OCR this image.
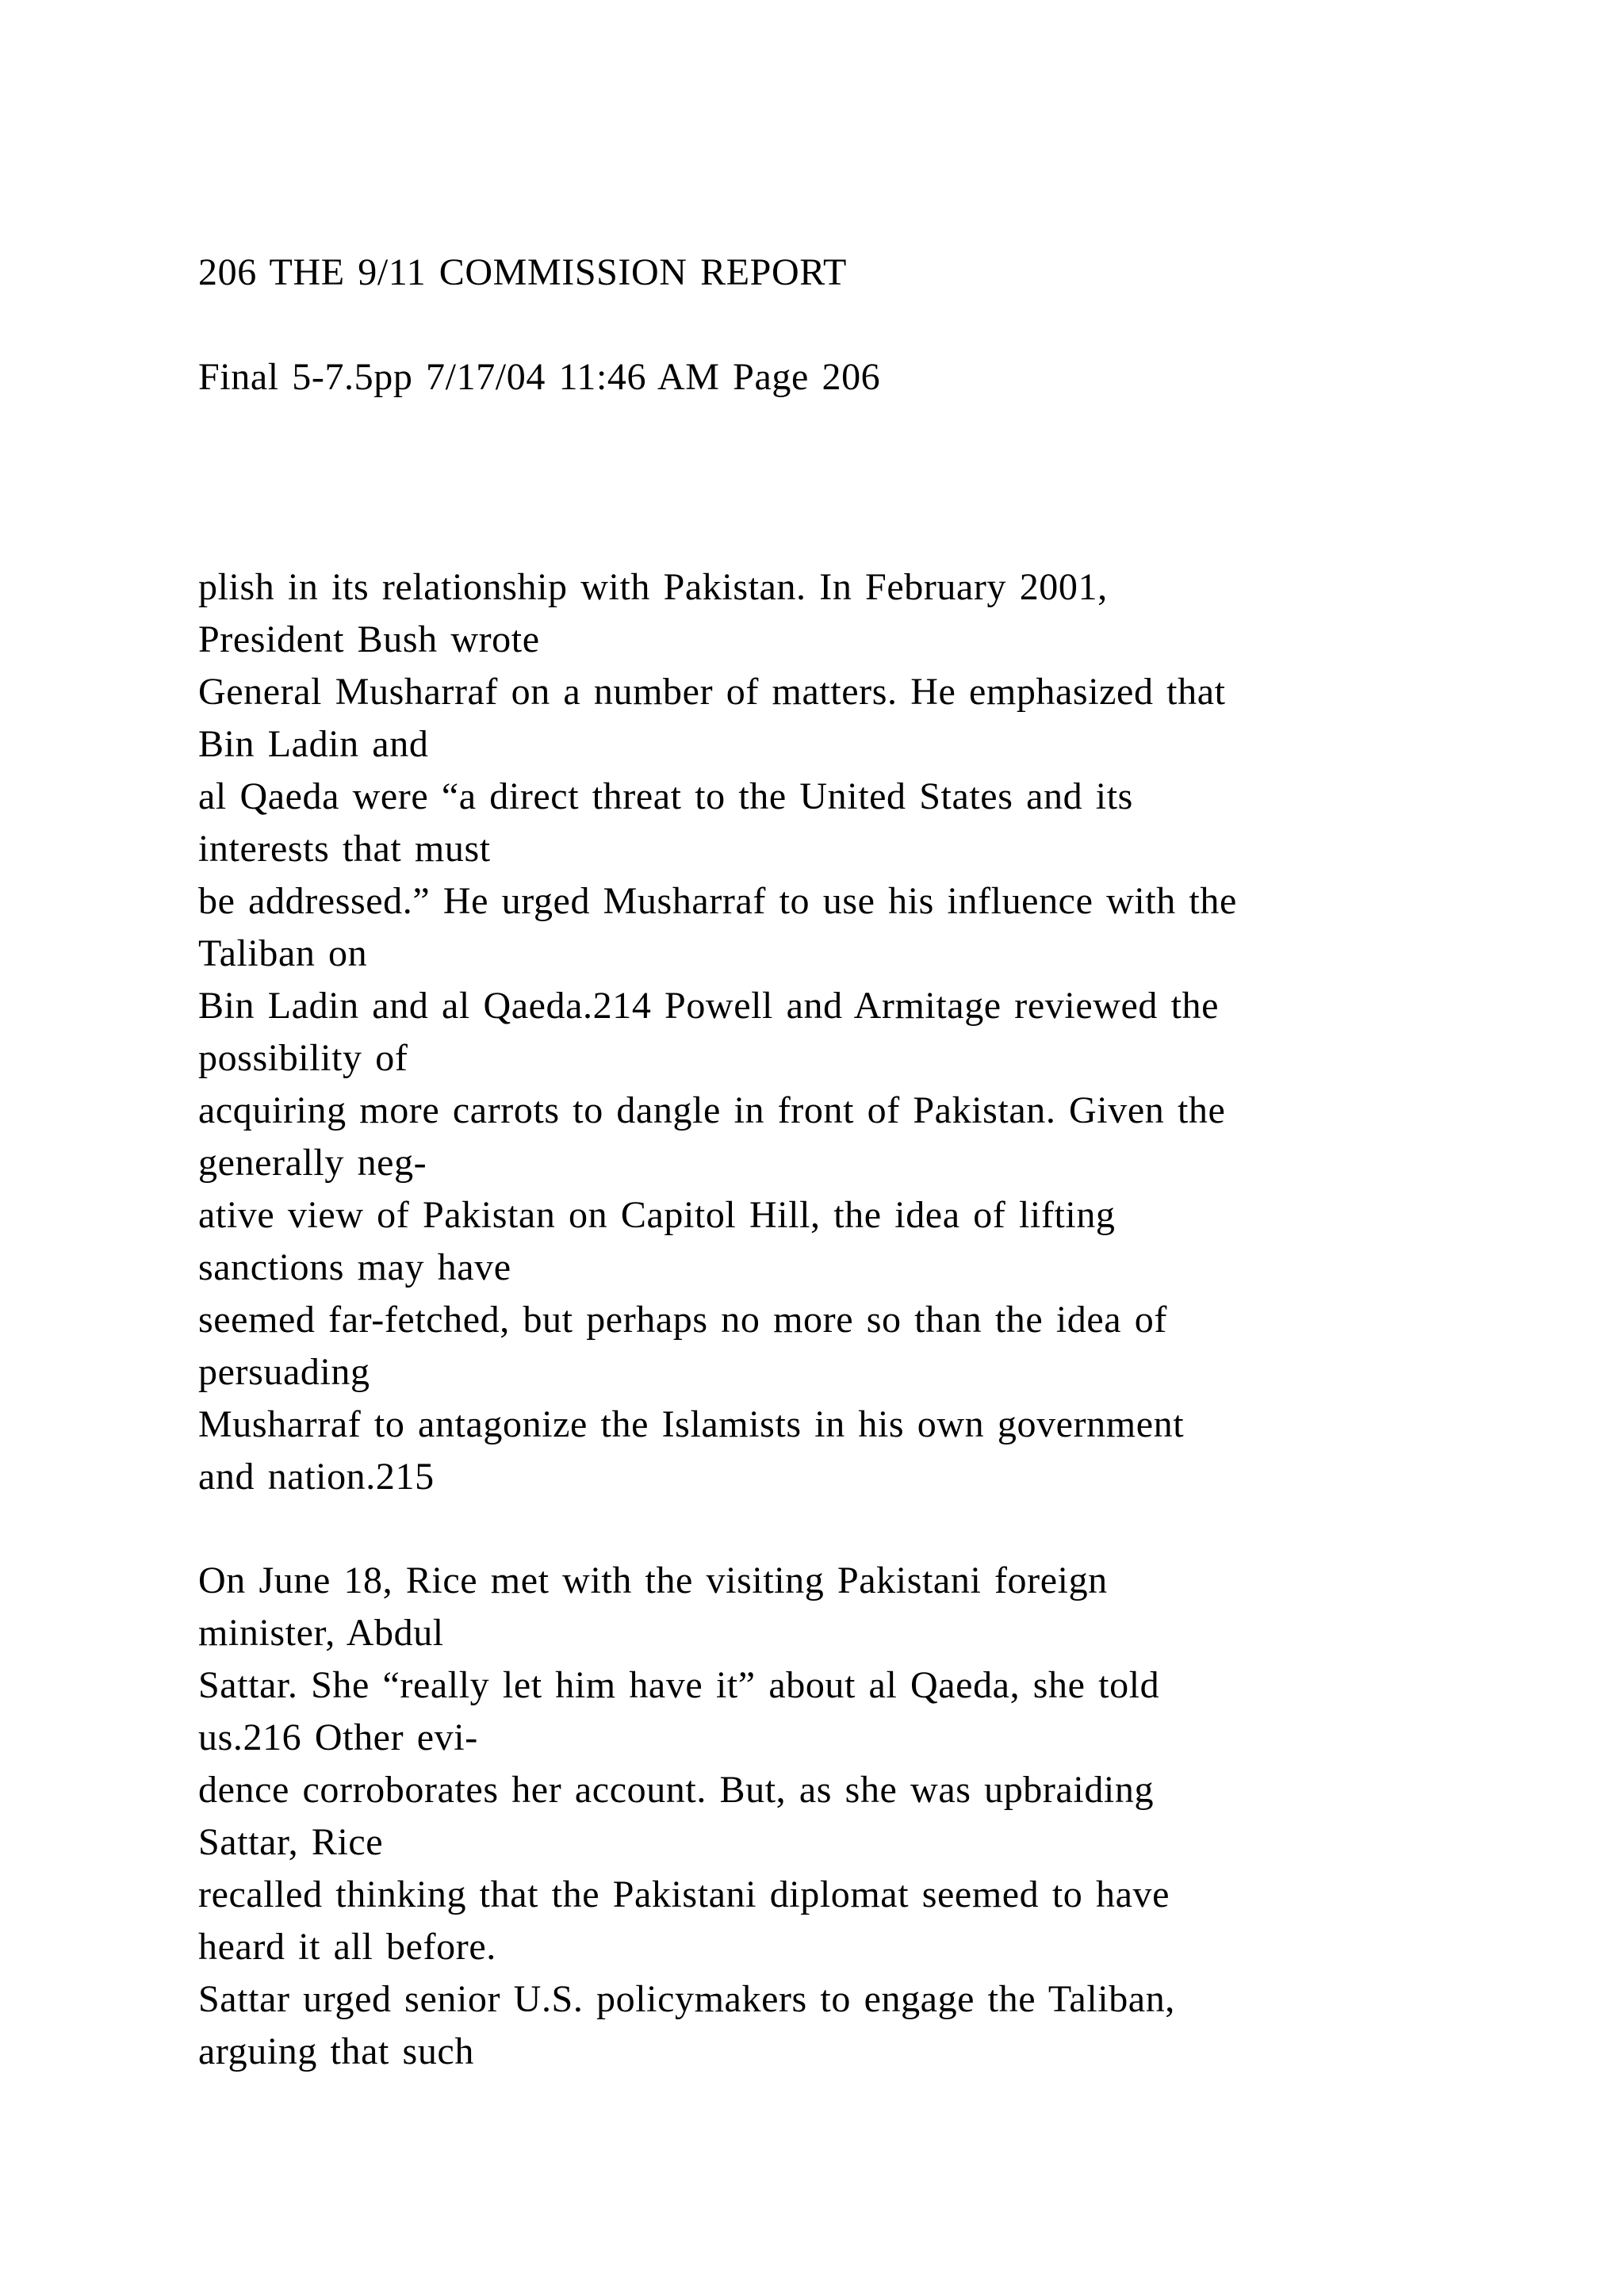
206 THE 9/11 COMMISSION REPORT
Final 5-7.5pp 7/17/04 11:46 AM Page 206
plish in its relationship with Pakistan. In February 2001,
President Bush wrote
General Musharraf on a number of matters. He emphasized that
Bin Ladin and
al Qaeda were “a direct threat to the United States and its
interests that must
be addressed.” He urged Musharraf to use his influence with the
Taliban on
Bin Ladin and al Qaeda.214 Powell and Armitage reviewed the
possibility of
acquiring more carrots to dangle in front of Pakistan. Given the
generally neg-
ative view of Pakistan on Capitol Hill, the idea of lifting
sanctions may have
seemed far-fetched, but perhaps no more so than the idea of
persuading
Musharraf to antagonize the Islamists in his own government
and nation.215
On June 18, Rice met with the visiting Pakistani foreign
minister, Abdul
Sattar. She “really let him have it” about al Qaeda, she told
us.216 Other evi-
dence corroborates her account. But, as she was upbraiding
Sattar, Rice
recalled thinking that the Pakistani diplomat seemed to have
heard it all before.
Sattar urged senior U.S. policymakers to engage the Taliban,
arguing that such
